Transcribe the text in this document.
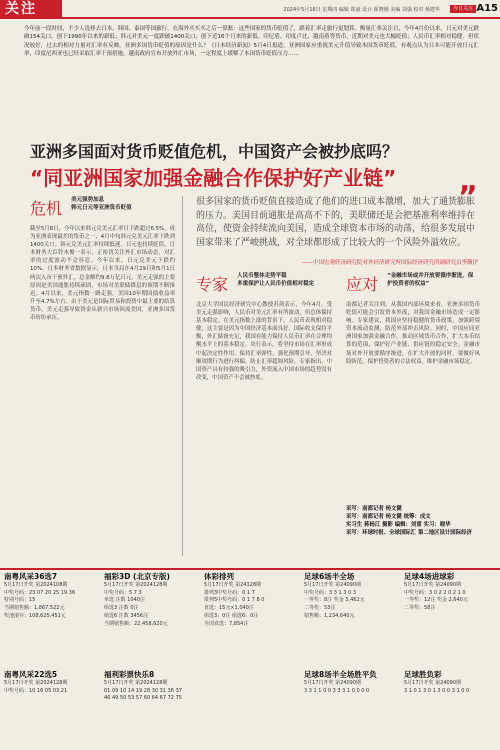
关注	2024年5月16日 星期四 编辑 郑丽 设计 翟晓刚 美编 刘强 校对 杨建华	今日关注 A15
今年前一段时间，不少人选择去日本、韩国、泰国等国旅行，在海外买买买之后一算账：这些国家的货币贬值了，跟着汇率走旅行更划算。衡量汇率关注日，今年4月份以来，日元对美元跌破154关口，创下1990年以来的新低；韩元对美元一度跌破1400关口，创下近16个月来的新低。印尼盾、印度卢比、越南盾等货币，近期对美元也大幅贬值；人民币汇率相对稳健。但状况较好，过去的相对力量对汇率有反映。亚洲多国货币贬值的原因是什么？《日本经济新闻》5月4日报道，亚洲国家应重视美元升值导致本国货币贬值，有观点认为日本可能开放日元汇率，印度尼西亚也已经采取汇率干预措施，越南政府宣布开放外汇市场，一定程度上缓解了本国货币贬值压力……
亚洲多国面对货币贬值危机，中国资产会被抄底吗？
“同亚洲国家加强金融合作保护好产业链”
危机 美元强势加息
韩元日元等亚洲货币贬值
截至5月8日，今年以来韩元兑美元汇率日下跌超过6.5%，成为亚洲表现最差的货币之一，4月中旬韩元兑美元汇率下跌到1400关口。韩元兑美元汇率持续低迷，日元也持续贬值。日本财务大臣铃木俊一表示，正密切关注外汇市场动态，对汇率的过度波动不会容忍。今年以来，日元兑美元下跌约10%，日本财务省数据显示，日本当局在4月29日和5月1日两次入市干预外汇，总金额约9.8万亿日元。美元走强的主要原因是美国通胀持续顽固，市场对美联储降息的预期不断推迟。4月以来，美元指数一路走强，美国10年期国债收益率升至4.7%左右。由于美元是国际贸易和投资中最主要的结算货币，美元走强导致资金从新兴市场回流美国，亚洲多国货币纷纷承压。
很多国家的货币贬值直接造成了他们的进口成本激增，加大了通货膨胀的压力。美国目前通胀是高高不下的，美联储还是会把基准利率维持在高位，使资金持续流向美国，造成全球资本市场的动荡，给很多发展中国家带来了严峻挑战，对全球都形成了比较大的一个风险外溢效应。
”
——中国宏观经济研究院对外经济研究所国际经济研究所副研究员李馥伊
专家 人民币整体走势平稳
多重保护让人民币价值相对稳定
北京大学国民经济研究中心教授苏剑表示，今年4月，受美元走强影响，人民币对美元汇率有所波动，但总体保持基本稳定。在美元指数上涨的背景下，人民币表现相对稳健，这主要是因为中国经济基本面良好，国际收支保持平衡，外汇储备充足，我国有能力保持人民币汇率在合理均衡水平上的基本稳定。央行表示，将坚持市场在汇率形成中起决定性作用，保持汇率弹性，强化预期引导，坚决对顺周期行为进行纠偏，防止汇率超调风险。专家指出，中国资产具有较强的吸引力，外资流入中国市场的趋势没有改变，中国资产不会被抄底。
应对 “金融市场或并开放要循序渐进，保护投资者的权益”
南都记者关注到，从我国内部环境来看，亚洲多国货币贬值可能会引发资本外流，对我国金融市场造成一定影响。专家建议，我国应坚持稳健的货币政策，加强跨境资本流动监测，防范外部冲击风险。同时，中国应同亚洲国家加强金融合作，推动区域货币合作，扩大本币结算的范围，保护好产业链、供应链的稳定安全。金融市场对外开放要循序渐进，在扩大开放的同时，要做好风险防范，保护投资者的合法权益，维护金融市场稳定。
采写：南都记者 杨文健
采写：南都记者 杨文健 统筹：成文
实习生 蒋杨江 摄影 编辑：刘雷 实习：晓华
采写：环球时报、全球国际汇 第二地区设计国际经济
南粤风采36选7
5月17日开奖 第2024108期
中奖号码：23 07 20 25 19 36
特别号码：15
当期销售额：1,867,522元
奖池滚存：108,625,451元
福彩3D (北京专版)
5月17日开奖 第2024128期
中奖号码：5 7 3
单选 注数 1040注
组选3 注数 0注
组选6 注数 3456注
当期销售额：22,458,620元
体彩排列
5月17日开奖 第24128期
排列3中奖号码：0 1 7
排列5中奖号码：0 1 7 8 0
直选：15元×1,040注
组选3：0注 组选6：0注
全国直选：7,854注
足球6场半全场
5月17日开奖 第24090期
中奖号码：3 3 1 3 0 3
一等奖：8注 奖金 5,462元
二等奖：53注
销售额：1,234,640元
足球4场进球彩
5月17日开奖 第24090期
中奖号码：3 0 2 2 0 2 1 0
一等奖：12注 奖金 2,640元
二等奖：58注
南粤风采22选5
5月17日开奖 第2024128期
中奖号码：10 16 05 03 21
福利彩票快乐8
5月17日开奖 第2024128期
01 09 10 14 19 28 30 31 36 37
46 49 50 53 57 60 64 67 72 75
足球8场半全场胜平负
5月17日开奖 第24090期
3 3 1 1 0 0 3 3 3 1 0 0 0 0
足球胜负彩
5月17日开奖 第24090期
3 1 0 1 3 0 1 3 0 0 3 1 0 0
